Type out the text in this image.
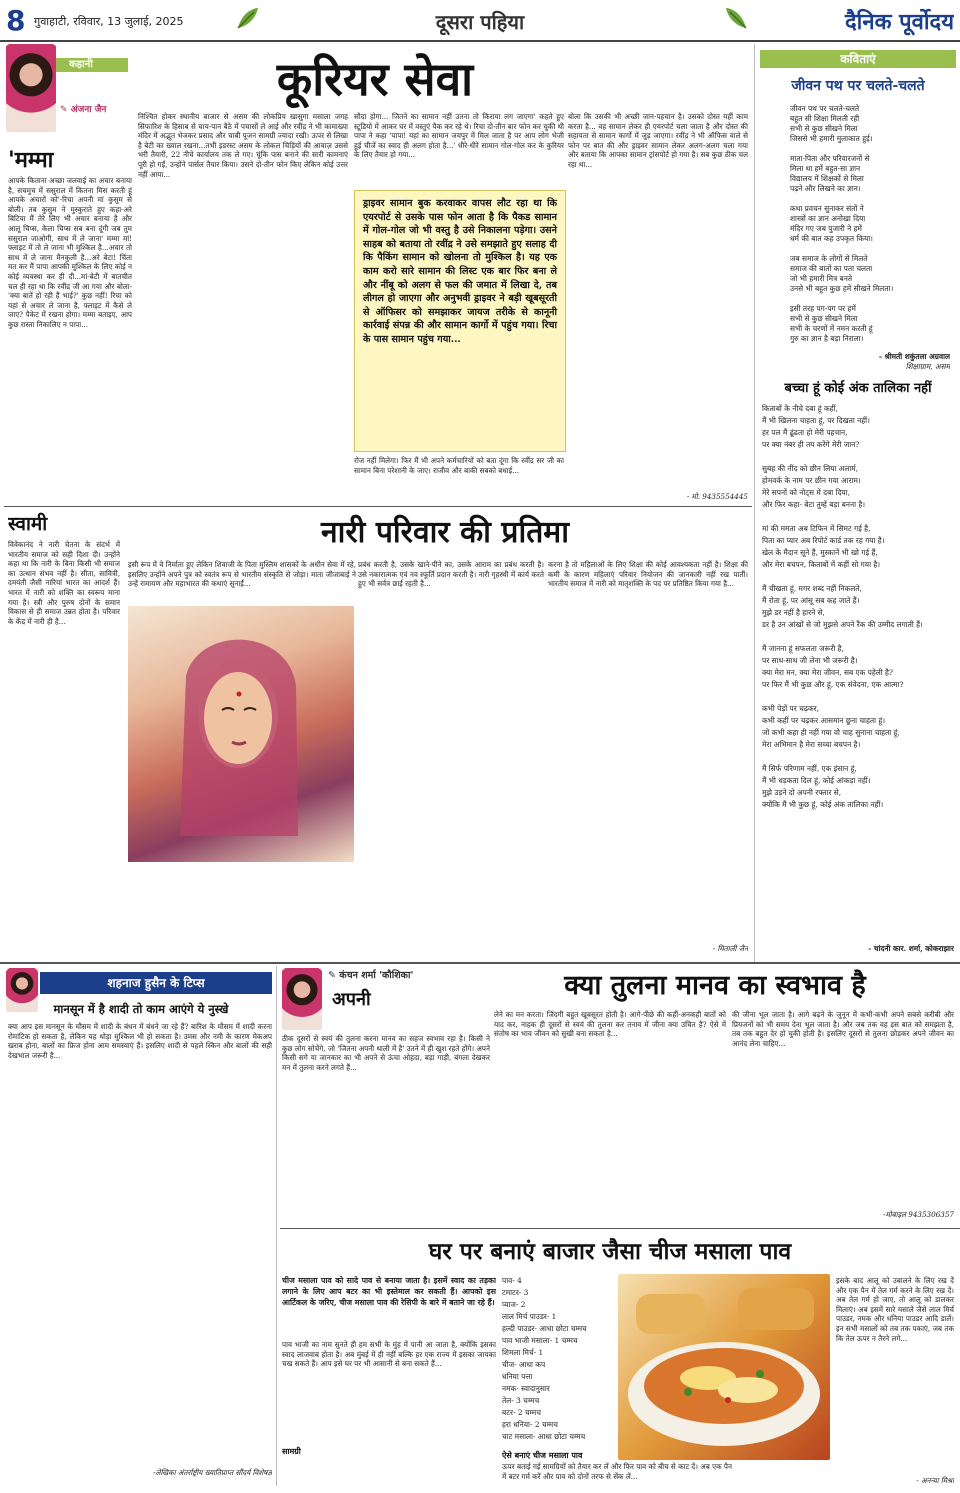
8 गुवाहाटी, रविवार, 13 जुलाई, 2025	दूसरा पहिया	दैनिक पूर्वोदय
कहानी
✎ अंजना जैन
कूरियर सेवा
'मम्मा
आपके किताना अच्छा जलवाई का अचार बनाया है, सचमुच में ससुराल में कितना मिस करती हूं आपके अचारों को'-रिचा अपनी मां कुसुम से बोली। तब कुसुम ने मुस्कुराते हुए कहा-अरे बिटिया मैं तेरे लिए भी अचार बनाया है और आलू चिप्स, केला चिप्स सब बना दूंगी जब तुम ससुराल जाओगी, साथ में ले जाना' मम्मा मां! फ्लाइट में तो ले जाना भी मुश्किल है...अचार तो साथ में ले जाना मैनकुली है...अरे बेटा! चिंता मत कर मैं पापा आपकी मुश्किल के लिए कोई न कोई व्यवस्था कर ही दी...मां-बेटी में बातचीत चल ही रहा था कि रवींद्र जी आ गया और बोला-'क्या बातें हो रही हैं भाई?' कुछ नहीं! रिचा को यहां से अचार ले जाना है, फ्लाइट में कैसे ले जाए? पैकेट में रखना होगा। मम्मा बताइए, आप कुछ रास्ता निकालिए न पापा...
निश्चित होकर स्थानीय बाजार से असम की लोकप्रिय खासुगा मसाला जगह सिफारिश के हिसाब से चाय-पान बैठे में पचासों ले आई और रवींद्र ने भी कामाख्या मंदिर में अद्भुत भेजकर प्रसाद और चाबी पूजन सामग्री ज्यादा रखी। ऊपर से लिखा है बेटी का ख्याल रखना...तभी इडरस्ट असम के लोकल चिड़ियों की आवाज़ उससे भरी तैयारी, 22 नीचे कार्यालय तक ले गए। चूंकि पास बनाने की सारी कामनाएं पूरी हो गईं, उन्होंने पार्सल तैयार किया। उसने दो-तीन फोन किए लेकिन कोई उत्तर नहीं आया...
सौदा होगा... जितने का सामान नहीं उतना तो किराया लग जाएगा' कहते हुए स्टूडियो में आकर घर में वस्तुएं पैक कर रहे थे। रिचा दो-तीन बार फोन कर चुकी थी पापा ने कहा 'पापा! यहां का सामान जयपुर में मिल जाता है पर आप लोग भेजी हुई चीजें का स्वाद ही अलग होता है...' धीरे-धीरे सामान गोल-गोल कर के कुरियर के लिए तैयार हो गया...
ड्राइवर सामान बुक करवाकर वापस लौट रहा था कि एयरपोर्ट से उसके पास फोन आता है कि पैकड सामान में गोल-गोल जो भी वस्तु है उसे निकालना पड़ेगा। उसने साहब को बताया तो रवींद्र ने उसे समझाते हुए सलाह दी कि पैकिंग सामान को खोलना तो मुश्किल है। यह एक काम करो सारे सामान की लिस्ट एक बार फिर बना ले और नींबू को अलग से फल की जमात में लिखा दे, तब लीगल हो जाएगा और अनुभवी ड्राइवर ने बड़ी खूबसूरती से ऑफिसर को समझाकर जायज तरीके से कानूनी कार्रवाई संपन्न की और सामान कार्गो में पहुंच गया। रिचा के पास सामान पहुंच गया...
रोज नहीं मिलेगा। फिर मैं भी अपने कर्मचारियों को बता दूंगा कि रवींद्र सर जी का सामान बिना परेशानी के जाए। राजीव और बाकी सबको बधाई...
बोला कि उसकी भी अच्छी जान-पहचान है। उसको दोस्त यहीं काम करता है... वह सामान लेकर ही एयरपोर्ट चला जाता है और दोस्त की सहायता से सामान कार्गो में जुड़ जाएगा। रवींद्र ने भी ऑफिस वाले से फोन पर बात की और ड्राइवर सामान लेकर अलग-अलग चला गया और बताया कि आपका सामान ट्रांसपोर्ट हो गया है। सब कुछ ठीक चल रहा था...
- मो. 9435554445
कविताएं
जीवन पथ पर चलते-चलते
जीवन पथ पर चलते-चलते
बहुत सी शिक्षा मिलती रही
सभी से कुछ सीखने मिला
जिससे भी हमारी मुलाकात हुई।
माता-पिता और परिवारजनों से
मिला था हमें बहुत-सा ज्ञान
विद्यालय में शिक्षकों से मिला
पढ़ने और लिखने का ज्ञान।
कथा प्रवचन सुनाकर संतों ने
शास्त्रों का ज्ञान अनोखा दिया
मंदिर गए जब पुजारी ने हमें
धर्म की बात कह उपकृत किया।
जब समाज के लोगों से मिलते
समाज की बातों का पता चलता
जो भी हमारी मित्र बनते
उनसे भी बहुत कुछ हमें सीखने मिलता।
इसी तरह पग-पग पर हमें
सभी से कुछ सीखने मिला
सभी के चरणों में नमन करती हूं
गुरु का ज्ञान है बड़ा निराला।
- श्रीमती शकुंतला अग्रवाल
शिक्षाग्राम, असम
बच्चा हूं कोई अंक तालिका नहीं
किताबों के नीचे दबा हूं कहीं,
मैं भी खिलना चाहता हूं, पर दिखता नहीं।
हर पल मैं ढूंढता हो मेरी पहचान,
पर क्या नंबर ही तय करेंगे मेरी जान?
सुबह की नींद को छीन लिया अलार्म,
होमवर्क के नाम पर छीन गया आराम।
मेरे सपनों को नोट्स में दबा दिया,
और फिर कहा- बेटा तुम्हें बड़ा बनना है।
मां की ममता अब टिफिन में सिमट गई है,
पिता का प्यार अब रिपोर्ट कार्ड तक रह गया है।
खेल के मैदान सूने हैं, मुस्कानें भी खो गई हैं,
और मेरा बचपन, किताबों में कहीं सो गया है।
मैं चीखता हूं, मगर शब्द नहीं निकलते,
मैं रोता हूं, पर आंसू सब कह जाते हैं।
मुझे डर नहीं है हारने से,
डर है उन आंखों से जो मुझसे अपने रैंक की उम्मीद लगाती हैं।
मैं जानना हूं सफलता जरूरी है,
पर साथ-साथ जी लेना भी जरूरी है।
क्या मेरा मन, क्या मेरा जीवन, सब एक पहेली है?
पर फिर मैं भी कुछ और हूं, एक संवेदना, एक आत्मा?
कभी पेड़ों पर चढ़कर,
कभी कहीं पर चढ़कर आसमान छूना चाहता हूं।
जो कभी कहा ही नहीं गया वो चाह सुनाना चाहता हूं,
मेरा अभिमान है मेरा सच्चा बचपन है।
मैं सिर्फ परिणाम नहीं, एक इंसान हूं,
मैं भी धड़कता दिल हूं, कोई आंकड़ा नहीं।
मुझे उड़ने दो अपनी रफ्तार से,
क्योंकि मैं भी कुछ हूं, कोई अंक तालिका नहीं।
- चांदनी कार. शर्मा, कोकराझार
स्वामी
विवेकानंद ने नारी चेतना के संदर्भ में भारतीय समाज को सही दिशा दी। उन्होंने कहा था कि नारी के बिना किसी भी समाज का उत्थान संभव नहीं है। सीता, सावित्री, दमयंती जैसी नारियां भारत का आदर्श हैं। भारत में नारी को शक्ति का स्वरूप माना गया है। स्त्री और पुरुष दोनों के समान विकास से ही समाज उन्नत होता है। परिवार के केंद्र में नारी ही है...
नारी परिवार की प्रतिमा
इसी रूप में वे निर्माता हुए लेकिन शिवाजी के पिता मुस्लिम शासकों के अधीन सेवा में रहे, इसलिए उन्होंने अपने पुत्र को स्वतंत्र रूप से भारतीय संस्कृति से जोड़ा। माता जीजाबाई ने उन्हें रामायण और महाभारत की कथाएं सुनाईं...
प्रबंध करती है, उसके खाने-पीने का, उसके आराम का प्रबंध करती है। उसे नकारात्मक एवं नव स्फूर्ति प्रदान करती है। नारी गृहस्थी में कार्य करते हुए भी सर्वत्र छाई रहती है...
करना है तो महिलाओं के लिए शिक्षा की कोई आवश्यकता नहीं है। शिक्षा की कमी के कारण महिलाएं परिवार नियोजन की जानकारी नहीं रख पातीं। भारतीय समाज में नारी को मातृशक्ति के पद पर प्रतिष्ठित किया गया है...
- मिताली जैन
शहनाज हुसैन के टिप्स
मानसून में है शादी तो काम आएंगे ये नुस्खे
क्या आप इस मानसून के मौसम में शादी के बंधन में बंधने जा रहे हैं? बारिश के मौसम में शादी करना रोमांटिक हो सकता है, लेकिन यह थोड़ा मुश्किल भी हो सकता है। उमस और नमी के कारण मेकअप खराब होना, बालों का फ्रिज होना आम समस्याएं हैं। इसलिए शादी से पहले स्किन और बालों की सही देखभाल जरूरी है...
-लेखिका अंतर्राष्ट्रीय ख्यातिप्राप्त सौंदर्य विशेषज्ञ
✎ कंचन शर्मा 'कौशिका'
अपनी	क्या तुलना मानव का स्वभाव है
ठीक दूसरों से स्वयं की तुलना करना मानव का सहज स्वभाव रहा है। किसी ने कुछ लोग सोचेंगे, जो 'जितना अपनी थाली में है' उतने में ही खुश रहते होंगे। अपने किसी सगे या जानकार का भी अपने से ऊंचा ओहदा, बड़ा गाड़ी, बंगला देखकर मन में तुलना करने लगते हैं...
लेने का मन करता। जिंदगी बहुत खूबसूरत होती है। आगे-पीछे की कहीं-अनकही बातों को याद कर, नाहक ही दूसरों से स्वयं की तुलना कर तनाव में जीना क्या उचित है? ऐसे में संतोष का भाव जीवन को सुखी बना सकता है...
की जीना भूल जाता है। आगे बढ़ने के जुनून में कभी-कभी अपने सबसे करीबी और प्रियजनों को भी समय देना भूल जाता है। और जब तक वह इस बात को समझता है, तब तक बहुत देर हो चुकी होती है। इसलिए दूसरों से तुलना छोड़कर अपने जीवन का आनंद लेना चाहिए...
-मोबाइल 9435306357
घर पर बनाएं बाजार जैसा चीज मसाला पाव
चीज मसाला पाव को सादे पाव से बनाया जाता है। इसमें स्वाद का तड़का लगाने के लिए आप बटर का भी इस्तेमाल कर सकती हैं। आपको इस आर्टिकल के जरिए, चीज मसाला पाव की रेसिपी के बारे में बताने जा रहे हैं।
पाव भाजी का नाम सुनते ही हम सभी के मुंह में पानी आ जाता है, क्योंकि इसका स्वाद लाजवाब होता है। अब मुंबई में ही नहीं बल्कि हर एक राज्य में इसका जायका चख सकते हैं। आप इसे घर पर भी आसानी से बना सकते हैं...
सामग्री
पाव- 4
टमाटर- 3
प्याज- 2
लाल मिर्च पाउडर- 1
हल्दी पाउडर- आधा छोटा चम्मच
पाव भाजी मसाला- 1 चम्मच
शिमला मिर्च- 1
चीज- आधा कप
धनिया पत्ता
नमक- स्वादानुसार
तेल- 3 चम्मच
बटर- 2 चम्मच
हरा धनिया- 2 चम्मच
चाट मसाला- आधा छोटा चम्मच
ऐसे बनाएं चीज मसाला पाव
ऊपर बताई गई सामग्रियों को तैयार कर लें और फिर पाव को बीच से काट दें। अब एक पैन में बटर गर्म करें और पाव को दोनों तरफ से सेंक लें...
इसके बाद आलू को उबालने के लिए रख दें और एक पैन में तेल गर्म करने के लिए रख दें। अब तेल गर्म हो जाए, तो आलू को डालकर मिलाएं। अब इसमें सारे मसाले जैसे लाल मिर्च पाउडर, नमक और धनिया पाउडर आदि डालें। इन सभी मसालों को तब तक पकाएं, जब तक कि तेल ऊपर न तैरने लगे...
- अनन्या मिश्रा
